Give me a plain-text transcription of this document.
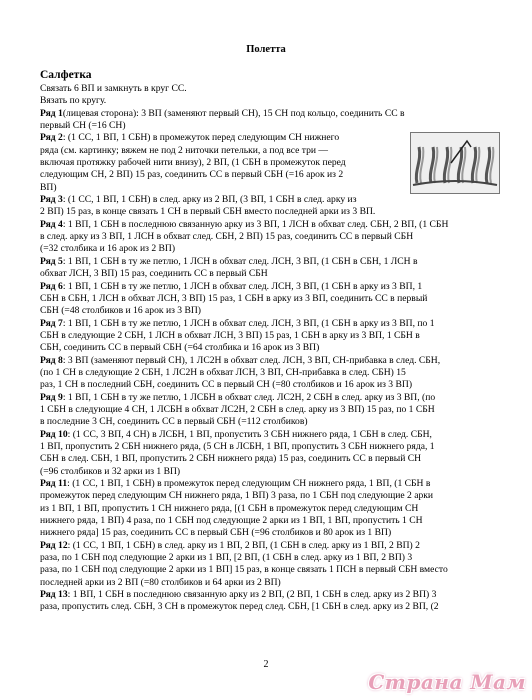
Полетта
Салфетка
Связать 6 ВП и замкнуть в круг СС.
Вязать по кругу.
Ряд 1(лицевая сторона): 3 ВП (заменяют первый СН), 15 СН под кольцо, соединить СС в
первый СН (=16 СН)
Ряд 2: (1 СС, 1 ВП, 1 СБН) в промежуток перед следующим СН нижнего
ряда (см. картинку; вяжем не под 2 ниточки петельки, а под все три —
включая протяжку рабочей нити внизу), 2 ВП, (1 СБН в промежуток перед
следующим СН, 2 ВП) 15 раз, соединить СС в первый СБН (=16 арок из 2
ВП)
Ряд 3: (1 СС, 1 ВП, 1 СБН) в след. арку из 2 ВП, (3 ВП, 1 СБН в след. арку из
2 ВП) 15 раз, в конце связать 1 СН в первый СБН вместо последней арки из 3 ВП.
Ряд 4: 1 ВП, 1 СБН в последнюю связанную арку из 3 ВП, 1 ЛСН в обхват след. СБН, 2 ВП, (1 СБН
в след. арку из 3 ВП, 1 ЛСН в обхват след. СБН, 2 ВП) 15 раз, соединить СС в первый СБН
(=32 столбика и 16 арок из 2 ВП)
Ряд 5: 1 ВП, 1 СБН в ту же петлю, 1 ЛСН в обхват след. ЛСН, 3 ВП, (1 СБН в СБН, 1 ЛСН в
обхват ЛСН, 3 ВП) 15 раз, соединить СС в первый СБН
Ряд 6: 1 ВП, 1 СБН в ту же петлю, 1 ЛСН в обхват след. ЛСН, 3 ВП, (1 СБН в арку из 3 ВП, 1
СБН в СБН, 1 ЛСН в обхват ЛСН, 3 ВП) 15 раз, 1 СБН в арку из 3 ВП, соединить СС в первый
СБН (=48 столбиков и 16 арок из 3 ВП)
Ряд 7: 1 ВП, 1 СБН в ту же петлю, 1 ЛСН в обхват след. ЛСН, 3 ВП, (1 СБН в арку из 3 ВП, по 1
СБН в следующие 2 СБН, 1 ЛСН в обхват ЛСН, 3 ВП) 15 раз, 1 СБН в арку из 3 ВП, 1 СБН в
СБН, соединить СС в первый СБН (=64 столбика и 16 арок из 3 ВП)
Ряд 8: 3 ВП (заменяют первый СН), 1 ЛС2Н в обхват след. ЛСН, 3 ВП, СН-прибавка в след. СБН,
(по 1 СН в следующие 2 СБН, 1 ЛС2Н в обхват ЛСН, 3 ВП, СН-прибавка в след. СБН) 15
раз, 1 СН в последний СБН, соединить СС в первый СН (=80 столбиков и 16 арок из 3 ВП)
Ряд 9: 1 ВП, 1 СБН в ту же петлю, 1 ЛСБН в обхват след. ЛС2Н, 2 СБН в след. арку из 3 ВП, (по
1 СБН в следующие 4 СН, 1 ЛСБН в обхват ЛС2Н, 2 СБН в след. арку из 3 ВП) 15 раз, по 1 СБН
в последние 3 СН, соединить СС в первый СБН (=112 столбиков)
Ряд 10: (1 СС, 3 ВП, 4 СН) в ЛСБН, 1 ВП, пропустить 3 СБН нижнего ряда, 1 СБН в след. СБН,
1 ВП, пропустить 2 СБН нижнего ряда, (5 СН в ЛСБН, 1 ВП, пропустить 3 СБН нижнего ряда, 1
СБН в след. СБН, 1 ВП, пропустить 2 СБН нижнего ряда) 15 раз, соединить СС в первый СН
(=96 столбиков и 32 арки из 1 ВП)
Ряд 11: (1 СС, 1 ВП, 1 СБН) в промежуток перед следующим СН нижнего ряда, 1 ВП, (1 СБН в
промежуток перед следующим СН нижнего ряда, 1 ВП) 3 раза, по 1 СБН под следующие 2 арки
из 1 ВП, 1 ВП, пропустить 1 СН нижнего ряда, [(1 СБН в промежуток перед следующим СН
нижнего ряда, 1 ВП) 4 раза, по 1 СБН под следующие 2 арки из 1 ВП, 1 ВП, пропустить 1 СН
нижнего ряда] 15 раз, соединить СС в первый СБН (=96 столбиков и 80 арок из 1 ВП)
Ряд 12: (1 СС, 1 ВП, 1 СБН) в след. арку из 1 ВП, 2 ВП, (1 СБН в след. арку из 1 ВП, 2 ВП) 2
раза, по 1 СБН под следующие 2 арки из 1 ВП, [2 ВП, (1 СБН в след. арку из 1 ВП, 2 ВП) 3
раза, по 1 СБН под следующие 2 арки из 1 ВП] 15 раз, в конце связать 1 ПСН в первый СБН вместо
последней арки из 2 ВП (=80 столбиков и 64 арки из 2 ВП)
Ряд 13: 1 ВП, 1 СБН в последнюю связанную арку из 2 ВП, (2 ВП, 1 СБН в след. арку из 2 ВП) 3
раза, пропустить след. СБН, 3 СН в промежуток перед след. СБН, [1 СБН в след. арку из 2 ВП, (2
2
Страна Мам
